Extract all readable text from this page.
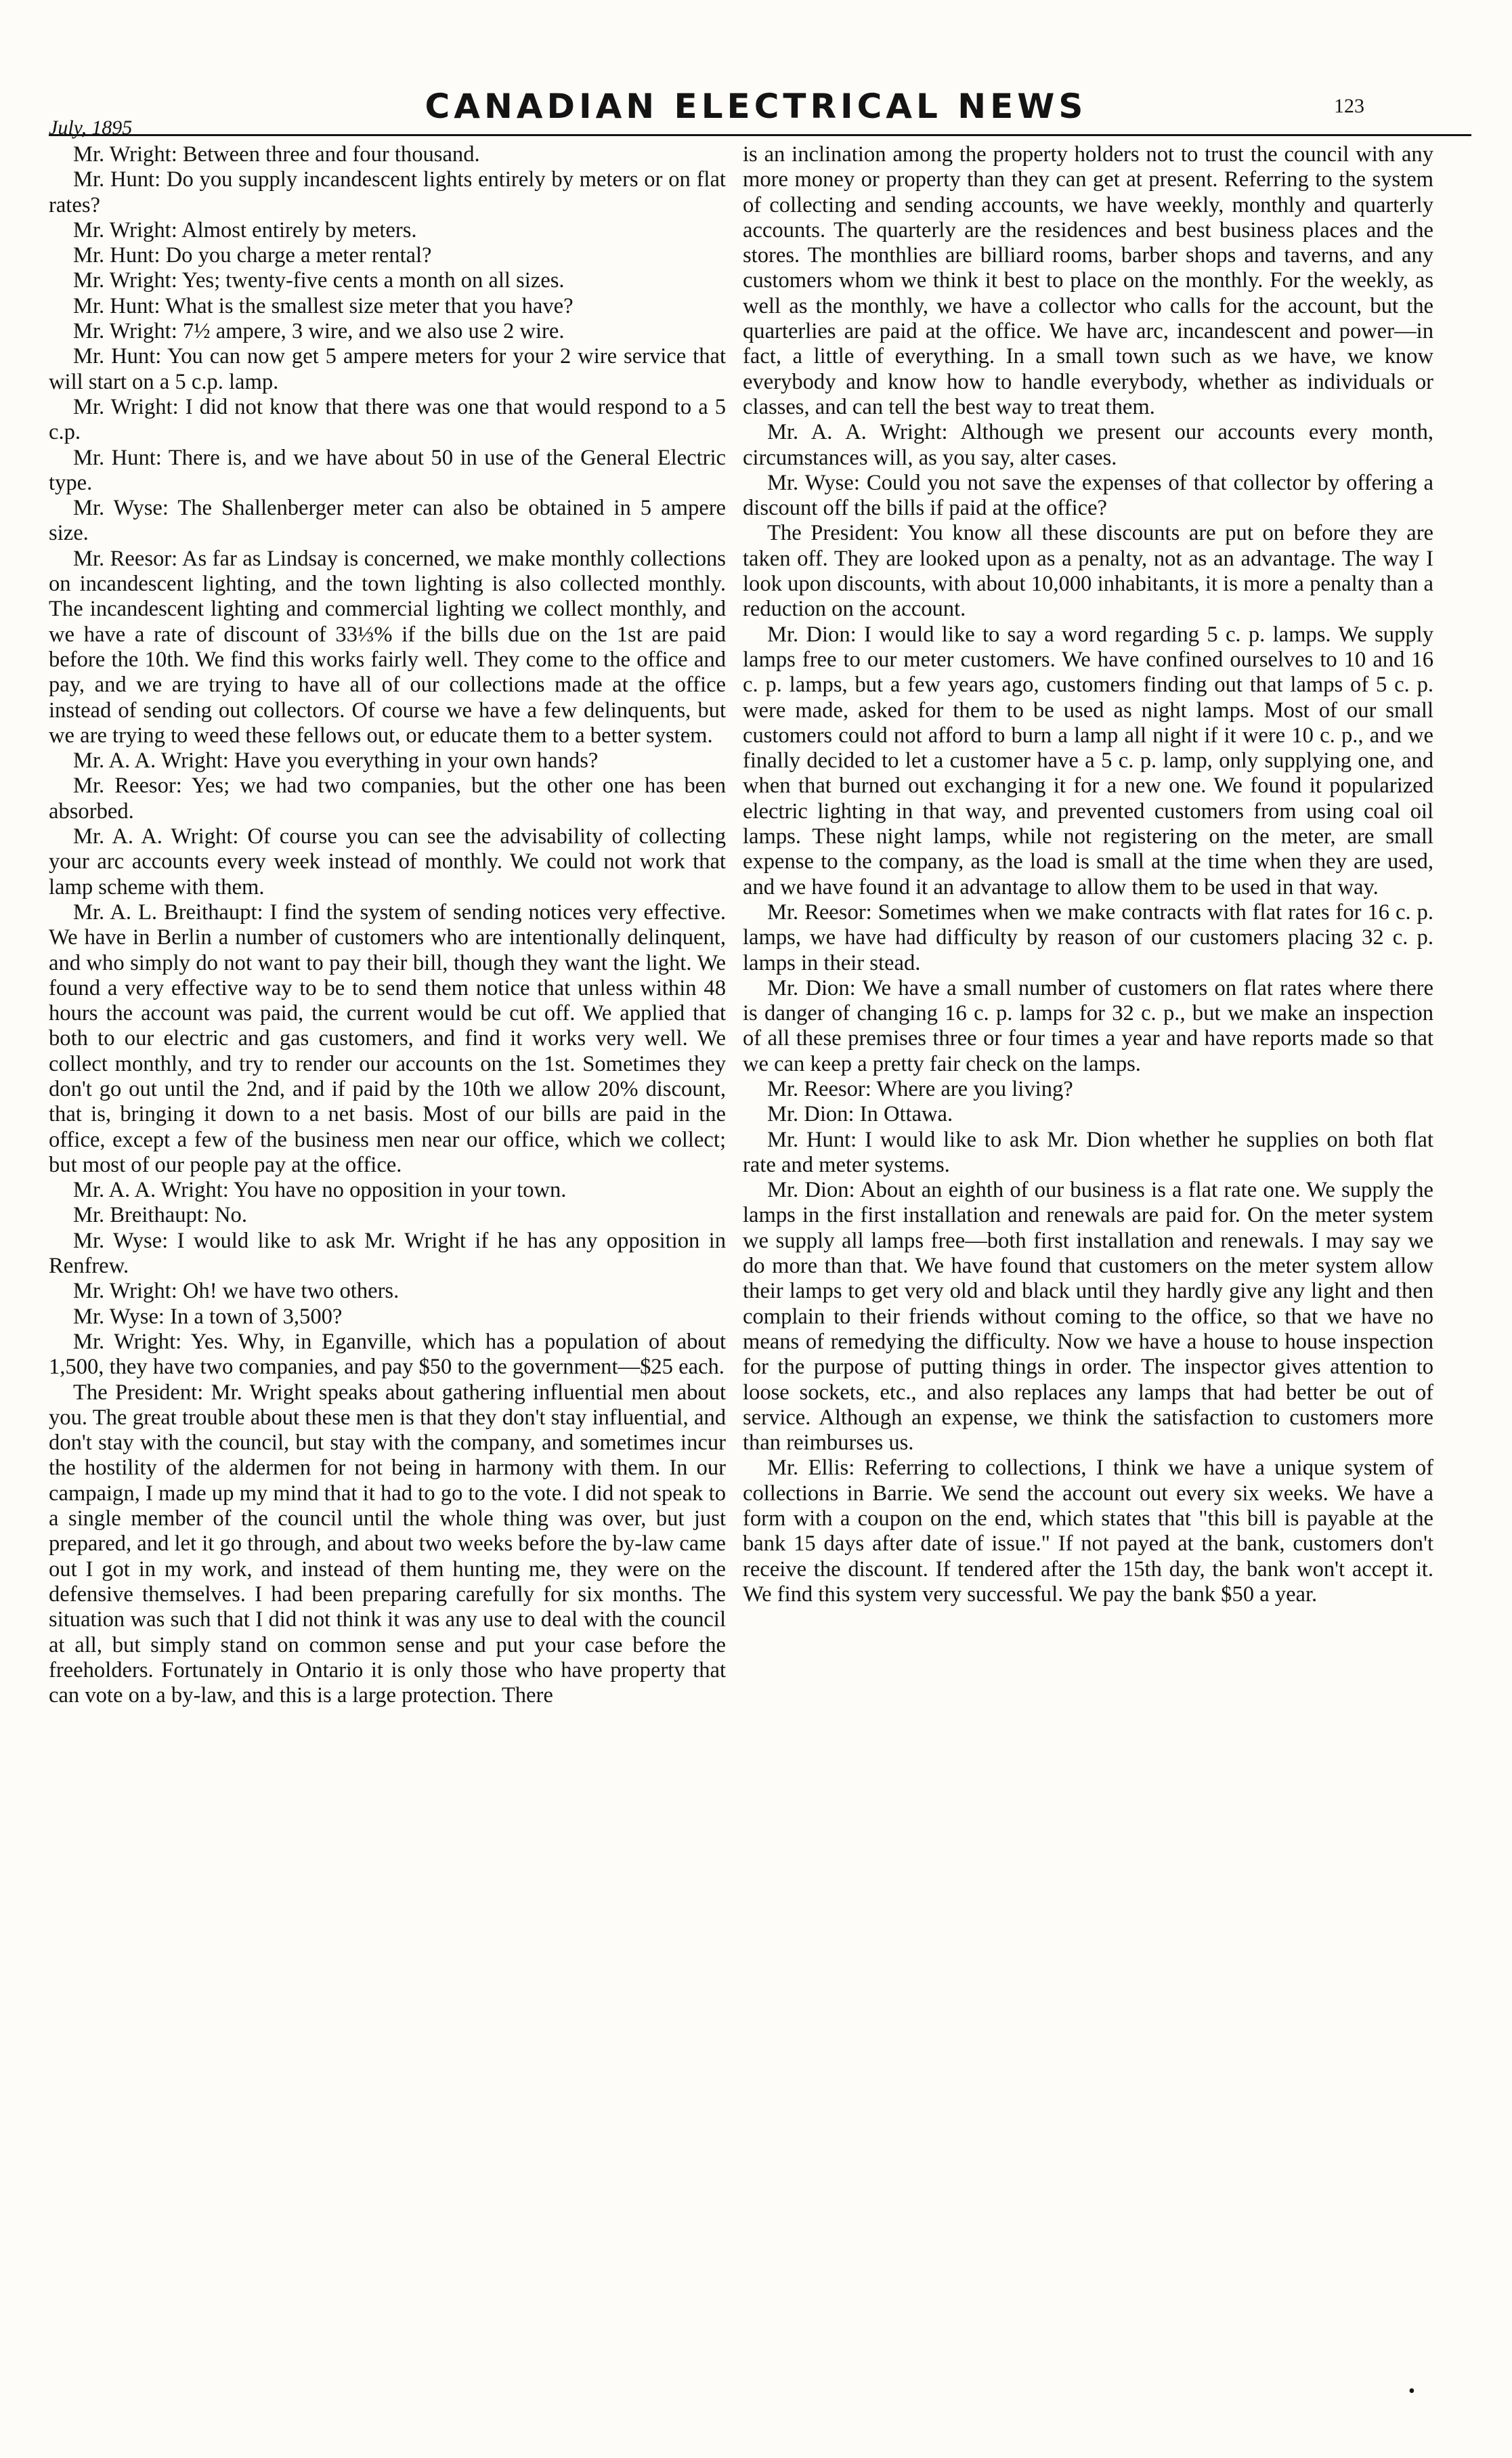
July, 1895
CANADIAN ELECTRICAL NEWS	123

Mr. Wright: Between three and four thousand.

Mr. Hunt: Do you supply incandescent lights entirely by meters or on flat rates?

Mr. Wright: Almost entirely by meters.

Mr. Hunt: Do you charge a meter rental?

Mr. Wright: Yes; twenty-five cents a month on all sizes.

Mr. Hunt: What is the smallest size meter that you have?

Mr. Wright: 7½ ampere, 3 wire, and we also use 2 wire.

Mr. Hunt: You can now get 5 ampere meters for your 2 wire service that will start on a 5 c.p. lamp.

Mr. Wright: I did not know that there was one that would respond to a 5 c.p.

Mr. Hunt: There is, and we have about 50 in use of the General Electric type.

Mr. Wyse: The Shallenberger meter can also be obtained in 5 ampere size.

Mr. Reesor: As far as Lindsay is concerned, we make monthly collections on incandescent lighting, and the town lighting is also collected monthly. The incandescent lighting and commercial lighting we collect monthly, and we have a rate of discount of 33⅓% if the bills due on the 1st are paid before the 10th. We find this works fairly well. They come to the office and pay, and we are trying to have all of our collections made at the office instead of sending out collectors. Of course we have a few delinquents, but we are trying to weed these fellows out, or educate them to a better system.

Mr. A. A. Wright: Have you everything in your own hands?

Mr. Reesor: Yes; we had two companies, but the other one has been absorbed.

Mr. A. A. Wright: Of course you can see the advisability of collecting your arc accounts every week instead of monthly. We could not work that lamp scheme with them.

Mr. A. L. Breithaupt: I find the system of sending notices very effective. We have in Berlin a number of customers who are intentionally delinquent, and who simply do not want to pay their bill, though they want the light. We found a very effective way to be to send them notice that unless within 48 hours the account was paid, the current would be cut off. We applied that both to our electric and gas customers, and find it works very well. We collect monthly, and try to render our accounts on the 1st. Sometimes they don't go out until the 2nd, and if paid by the 10th we allow 20% discount, that is, bringing it down to a net basis. Most of our bills are paid in the office, except a few of the business men near our office, which we collect; but most of our people pay at the office.

Mr. A. A. Wright: You have no opposition in your town.

Mr. Breithaupt: No.

Mr. Wyse: I would like to ask Mr. Wright if he has any opposition in Renfrew.

Mr. Wright: Oh! we have two others.

Mr. Wyse: In a town of 3,500?

Mr. Wright: Yes. Why, in Eganville, which has a population of about 1,500, they have two companies, and pay $50 to the government—$25 each.

The President: Mr. Wright speaks about gathering influential men about you. The great trouble about these men is that they don't stay influential, and don't stay with the council, but stay with the company, and sometimes incur the hostility of the aldermen for not being in harmony with them. In our campaign, I made up my mind that it had to go to the vote. I did not speak to a single member of the council until the whole thing was over, but just prepared, and let it go through, and about two weeks before the by-law came out I got in my work, and instead of them hunting me, they were on the defensive themselves. I had been preparing carefully for six months. The situation was such that I did not think it was any use to deal with the council at all, but simply stand on common sense and put your case before the freeholders. Fortunately in Ontario it is only those who have property that can vote on a by-law, and this is a large protection. There

is an inclination among the property holders not to trust the council with any more money or property than they can get at present. Referring to the system of collecting and sending accounts, we have weekly, monthly and quarterly accounts. The quarterly are the residences and best business places and the stores. The monthlies are billiard rooms, barber shops and taverns, and any customers whom we think it best to place on the monthly. For the weekly, as well as the monthly, we have a collector who calls for the account, but the quarterlies are paid at the office. We have arc, incandescent and power—in fact, a little of everything. In a small town such as we have, we know everybody and know how to handle everybody, whether as individuals or classes, and can tell the best way to treat them.

Mr. A. A. Wright: Although we present our accounts every month, circumstances will, as you say, alter cases.

Mr. Wyse: Could you not save the expenses of that collector by offering a discount off the bills if paid at the office?

The President: You know all these discounts are put on before they are taken off. They are looked upon as a penalty, not as an advantage. The way I look upon discounts, with about 10,000 inhabitants, it is more a penalty than a reduction on the account.

Mr. Dion: I would like to say a word regarding 5 c. p. lamps. We supply lamps free to our meter customers. We have confined ourselves to 10 and 16 c. p. lamps, but a few years ago, customers finding out that lamps of 5 c. p. were made, asked for them to be used as night lamps. Most of our small customers could not afford to burn a lamp all night if it were 10 c. p., and we finally decided to let a customer have a 5 c. p. lamp, only supplying one, and when that burned out exchanging it for a new one. We found it popularized electric lighting in that way, and prevented customers from using coal oil lamps. These night lamps, while not registering on the meter, are small expense to the company, as the load is small at the time when they are used, and we have found it an advantage to allow them to be used in that way.

Mr. Reesor: Sometimes when we make contracts with flat rates for 16 c. p. lamps, we have had difficulty by reason of our customers placing 32 c. p. lamps in their stead.

Mr. Dion: We have a small number of customers on flat rates where there is danger of changing 16 c. p. lamps for 32 c. p., but we make an inspection of all these premises three or four times a year and have reports made so that we can keep a pretty fair check on the lamps.

Mr. Reesor: Where are you living?

Mr. Dion: In Ottawa.

Mr. Hunt: I would like to ask Mr. Dion whether he supplies on both flat rate and meter systems.

Mr. Dion: About an eighth of our business is a flat rate one. We supply the lamps in the first installation and renewals are paid for. On the meter system we supply all lamps free—both first installation and renewals. I may say we do more than that. We have found that customers on the meter system allow their lamps to get very old and black until they hardly give any light and then complain to their friends without coming to the office, so that we have no means of remedying the difficulty. Now we have a house to house inspection for the purpose of putting things in order. The inspector gives attention to loose sockets, etc., and also replaces any lamps that had better be out of service. Although an expense, we think the satisfaction to customers more than reimburses us.

Mr. Ellis: Referring to collections, I think we have a unique system of collections in Barrie. We send the account out every six weeks. We have a form with a coupon on the end, which states that "this bill is payable at the bank 15 days after date of issue." If not payed at the bank, customers don't receive the discount. If tendered after the 15th day, the bank won't accept it. We find this system very successful. We pay the bank $50 a year.

•
